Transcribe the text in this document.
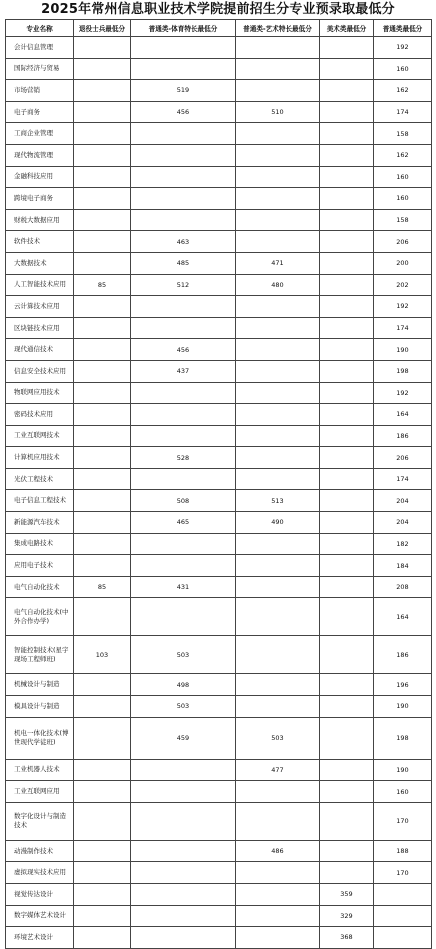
2025年常州信息职业技术学院提前招生分专业预录取最低分
专业名称	退役士兵最低分	普通类-体育特长最低分	普通类-艺术特长最低分	美术类最低分	普通类最低分
会计信息管理					192
国际经济与贸易					160
市场营销		519			162
电子商务		456	510		174
工商企业管理					158
现代物流管理					162
金融科技应用					160
跨境电子商务					160
财税大数据应用					158
软件技术		463			206
大数据技术		485	471		200
人工智能技术应用	85	512	480		202
云计算技术应用					192
区块链技术应用					174
现代通信技术		456			190
信息安全技术应用		437			198
物联网应用技术					192
密码技术应用					164
工业互联网技术					186
计算机应用技术		528			206
光伏工程技术					174
电子信息工程技术		508	513		204
新能源汽车技术		465	490		204
集成电路技术					182
应用电子技术					184
电气自动化技术	85	431			208
电气自动化技术(中外合作办学)					164
智能控制技术(星宇现场工程师班)	103	503			186
机械设计与制造		498			196
模具设计与制造		503			190
机电一体化技术(博世现代学徒班)		459	503		198
工业机器人技术			477		190
工业互联网应用					160
数字化设计与制造技术					170
动漫制作技术			486		188
虚拟现实技术应用					170
视觉传达设计				359	
数字媒体艺术设计				329	
环境艺术设计				368	
